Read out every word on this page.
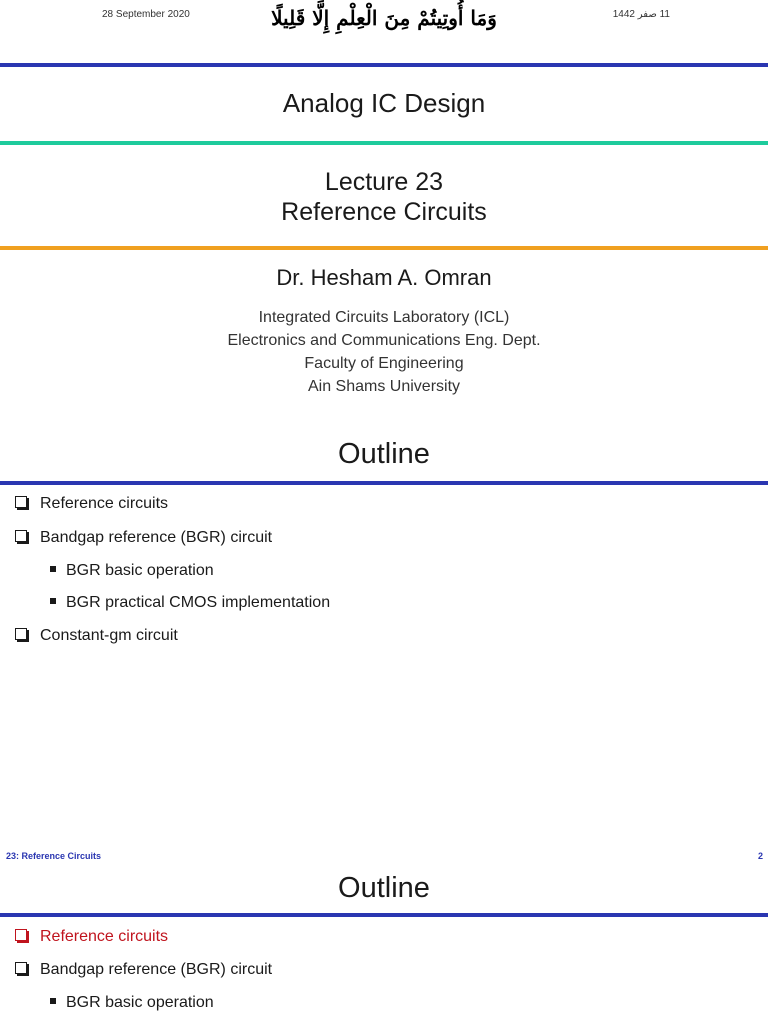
28 September 2020	وَمَا أُوتِيتُمْ مِنَ الْعِلْمِ إِلَّا قَلِيلًا	11 صفر 1442
Analog IC Design
Lecture 23
Reference Circuits
Dr. Hesham A. Omran
Integrated Circuits Laboratory (ICL)
Electronics and Communications Eng. Dept.
Faculty of Engineering
Ain Shams University
Outline
Reference circuits
Bandgap reference (BGR) circuit
BGR basic operation
BGR practical CMOS implementation
Constant-gm circuit
23: Reference Circuits	2
Outline
Reference circuits
Bandgap reference (BGR) circuit
BGR basic operation
